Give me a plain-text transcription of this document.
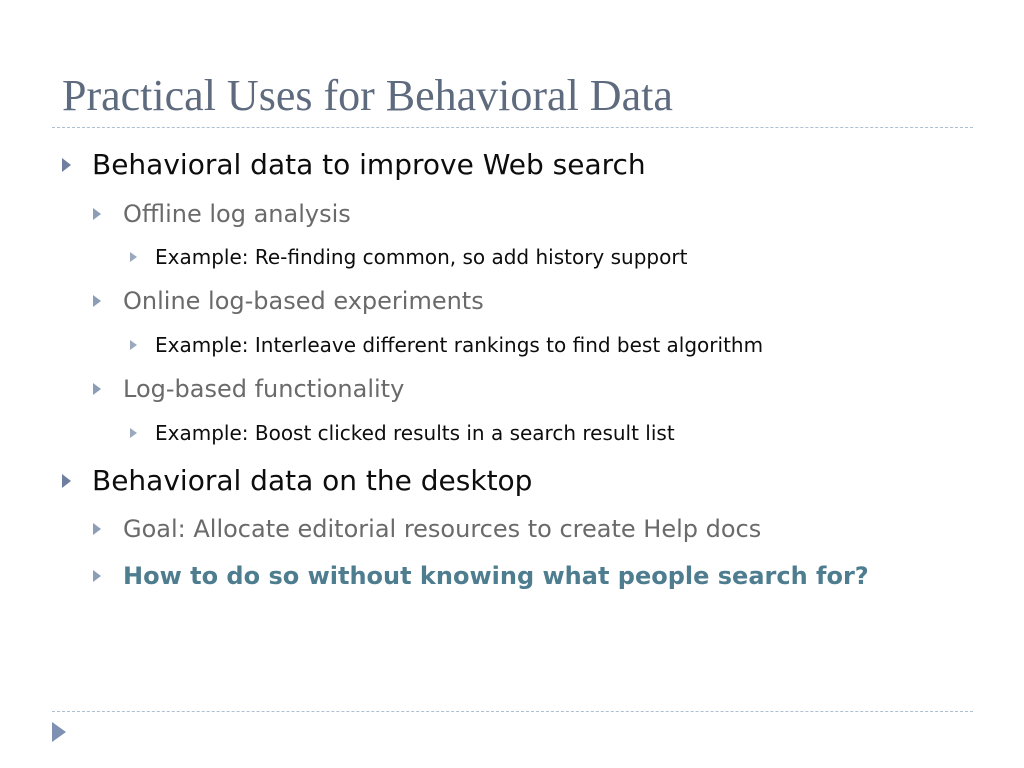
Practical Uses for Behavioral Data
Behavioral data to improve Web search
Offline log analysis
Example: Re-finding common, so add history support
Online log-based experiments
Example: Interleave different rankings to find best algorithm
Log-based functionality
Example: Boost clicked results in a search result list
Behavioral data on the desktop
Goal: Allocate editorial resources to create Help docs
How to do so without knowing what people search for?
